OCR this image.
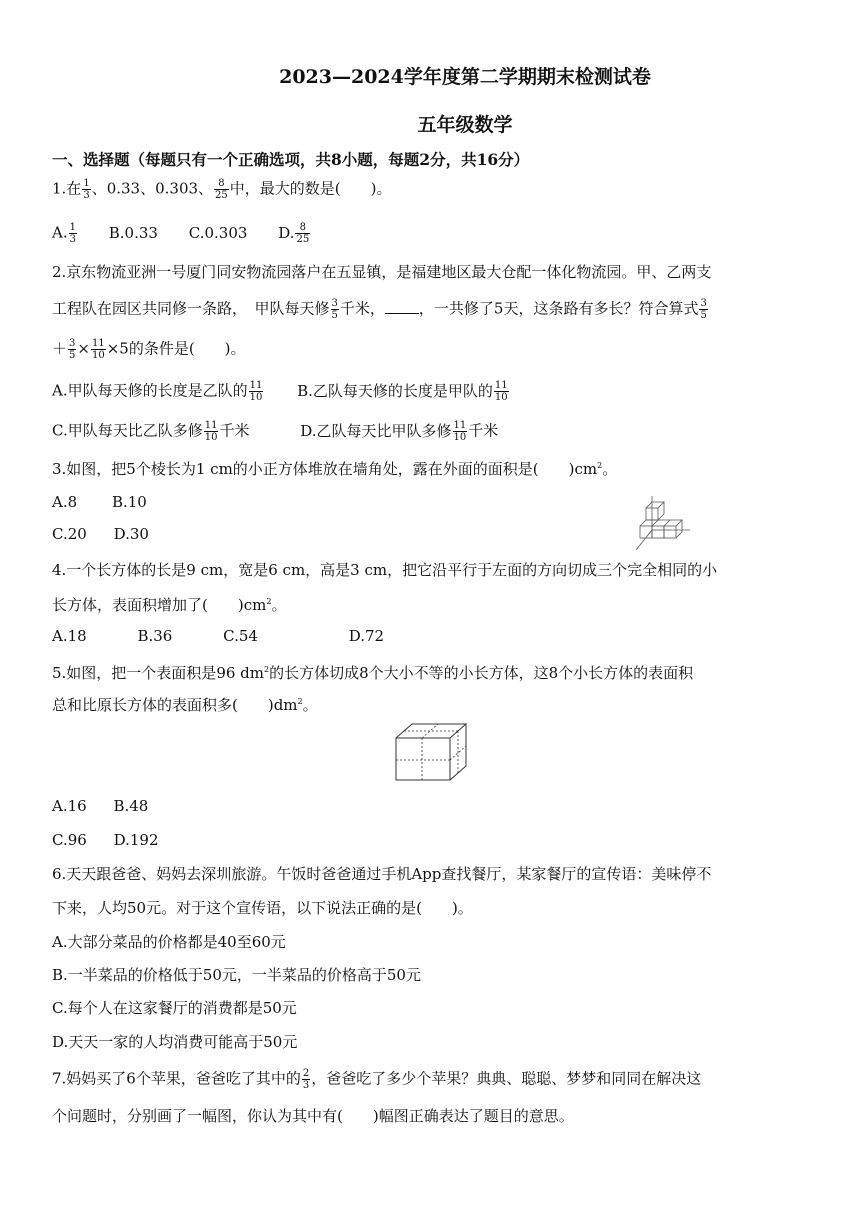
2023—2024学年度第二学期期末检测试卷
五年级数学
一、选择题（每题只有一个正确选项，共8小题，每题2分，共16分）
1.在 $\frac{1}{3}$ 、0.33、0.303、 $\frac{8}{25}$ 中，最大的数是(　　)。
A. $\frac{1}{3} B.0.33$ C.0.303 D. $\frac{8}{25}$
2.京东物流亚洲一号厦门同安物流园落户在五显镇，是福建地区最大仓配一体化物流园。甲、乙两支
工程队在园区共同修一条路，　甲队每天修 $\frac{3}{5}$ 千米， ，一共修了5天，这条路有多长？符合算式 $\frac{3}{5}$
＋ $\frac{3}{5} \times \frac{11}{10} \times 5$的条件是(　　)。
A.甲队每天修的长度是乙队的 $\frac{11}{10} B$.乙队每天修的长度是甲队的 $\frac{11}{10}$
C.甲队每天比乙队多修 $\frac{11}{10}$ 千米	D.乙队每天比甲队多修 $\frac{11}{10}$ 千米
3.如图，把5个棱长为1 cm的小正方体堆放在墙角处，露在外面的面积是(　　)$cm^2$。
A.8 B.10
C.20 D.30
4.一个长方体的长是9 cm，宽是6 cm，高是3 cm，把它沿平行于左面的方向切成三个完全相同的小
长方体，表面积增加了(　　)$cm^2$。
A.18	B.36	C.54	D.72
5.如图，把一个表面积是96 $dm^2$的长方体切成8个大小不等的小长方体，这8个小长方体的表面积
总和比原长方体的表面积多(　　)$dm^2$。
A.16 B.48
C.96 D.192
6.天天跟爸爸、妈妈去深圳旅游。午饭时爸爸通过手机App查找餐厅，某家餐厅的宣传语：美味停不
下来，人均50元。对于这个宣传语，以下说法正确的是(　　)。
A.大部分菜品的价格都是40至60元
B.一半菜品的价格低于50元，一半菜品的价格高于50元
C.每个人在这家餐厅的消费都是50元
D.天天一家的人均消费可能高于50元
7.妈妈买了6个苹果，爸爸吃了其中的 $\frac{2}{3}$ ，爸爸吃了多少个苹果？典典、聪聪、梦梦和同同在解决这
个问题时，分别画了一幅图，你认为其中有(　　)幅图正确表达了题目的意思。
